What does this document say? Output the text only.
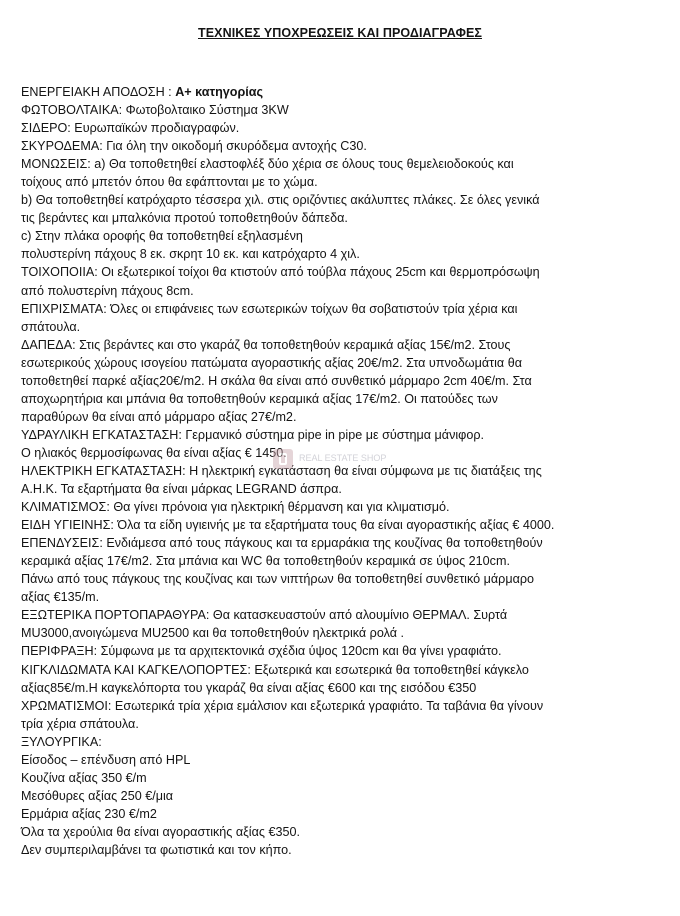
ΤΕΧΝΙΚΕΣ ΥΠΟΧΡΕΩΣΕΙΣ ΚΑΙ ΠΡΟΔΙΑΓΡΑΦΕΣ
ΕΝΕΡΓΕΙΑΚΗ ΑΠΟΔΟΣΗ : A+ κατηγορίας
ΦΩΤΟΒΟΛΤΑΙΚΑ: Φωτοβολταικο Σύστημα 3KW
ΣΙΔΕΡΟ: Ευρωπαϊκών προδιαγραφών.
ΣΚΥΡΟΔΕΜΑ: Για όλη την οικοδομή σκυρόδεμα αντοχής C30.
ΜΟΝΩΣΕΙΣ: a) Θα τοποθετηθεί ελαστοφλέξ δύο χέρια σε όλους τους θεμελειοδοκούς και
τοίχους από μπετόν όπου θα εφάπτονται με το χώμα.
b) Θα τοποθετηθεί κατρόχαρτο τέσσερα χιλ. στις οριζόντιες ακάλυπτες πλάκες. Σε όλες γενικά
τις βεράντες και μπαλκόνια προτού τοποθετηθούν δάπεδα.
c) Στην πλάκα οροφής θα τοποθετηθεί εξηλασμένη
πολυστερίνη πάχους 8 εκ. σκρητ 10 εκ. και κατρόχαρτο 4 χιλ.
ΤΟΙΧΟΠΟΙΙΑ: Οι εξωτερικοί τοίχοι θα κτιστούν από τούβλα πάχους 25cm και θερμοπρόσωψη
από πολυστερίνη πάχους 8cm.
ΕΠΙΧΡΙΣΜΑΤΑ: Όλες οι επιφάνειες των εσωτερικών τοίχων θα σοβατιστούν τρία χέρια και
σπάτουλα.
ΔΑΠΕΔΑ: Στις βεράντες και στο γκαράζ θα τοποθετηθούν κεραμικά αξίας 15€/m2. Στους
εσωτερικούς χώρους ισογείου πατώματα αγοραστικής αξίας 20€/m2. Στα υπνοδωμάτια θα
τοποθετηθεί παρκέ αξίας20€/m2. Η σκάλα θα είναι από συνθετικό μάρμαρο 2cm 40€/m. Στα
αποχωρητήρια και μπάνια θα τοποθετηθούν κεραμικά αξίας 17€/m2. Οι πατούδες των
παραθύρων θα είναι από μάρμαρο αξίας 27€/m2.
ΥΔΡΑΥΛΙΚΗ ΕΓΚΑΤΑΣΤΑΣΗ: Γερμανικό σύστημα pipe in pipe με σύστημα μάνιφορ.
Ο ηλιακός θερμοσίφωνας θα είναι αξίας € 1450.
ΗΛΕΚΤΡΙΚΗ ΕΓΚΑΤΑΣΤΑΣΗ: Η ηλεκτρική εγκατάσταση θα είναι σύμφωνα με τις διατάξεις της
Α.Η.Κ. Τα εξαρτήματα θα είναι μάρκας LEGRAND άσπρα.
ΚΛΙΜΑΤΙΣΜΟΣ: Θα γίνει πρόνοια για ηλεκτρική θέρμανση και για κλιματισμό.
ΕΙΔΗ ΥΓΙΕΙΝΗΣ: Όλα τα είδη υγιεινής με τα εξαρτήματα τους θα είναι αγοραστικής αξίας € 4000.
ΕΠΕΝΔΥΣΕΙΣ: Ενδιάμεσα από τους πάγκους και τα ερμαράκια της κουζίνας θα τοποθετηθούν
κεραμικά αξίας 17€/m2. Στα μπάνια και WC θα τοποθετηθούν κεραμικά σε ύψος 210cm.
Πάνω από τους πάγκους της κουζίνας και των νιπτήρων θα τοποθετηθεί συνθετικό μάρμαρο
αξίας €135/m.
ΕΞΩΤΕΡΙΚΑ ΠΟΡΤΟΠΑΡΑΘΥΡΑ: Θα κατασκευαστούν από αλουμίνιο ΘΕΡΜΑΛ. Συρτά
MU3000,ανοιγώμενα MU2500 και θα τοποθετηθούν ηλεκτρικά ρολά .
ΠΕΡΙΦΡΑΞΗ: Σύμφωνα με τα αρχιτεκτονικά σχέδια ύψος 120cm και θα γίνει γραφιάτο.
ΚΙΓΚΛΙΔΩΜΑΤΑ ΚΑΙ ΚΑΓΚΕΛΟΠΟΡΤΕΣ: Εξωτερικά και εσωτερικά θα τοποθετηθεί κάγκελο
αξίας85€/m.Η καγκελόπορτα του γκαράζ θα είναι αξίας €600 και της εισόδου €350
ΧΡΩΜΑΤΙΣΜΟΙ: Εσωτερικά τρία χέρια εμάλσιον και εξωτερικά γραφιάτο. Τα ταβάνια θα γίνουν
τρία χέρια σπάτουλα.
ΞΥΛΟΥΡΓΙΚΑ:
Είσοδος – επένδυση από HPL
Κουζίνα αξίας 350 €/m
Μεσόθυρες αξίας 250 €/μια
Ερμάρια αξίας 230 €/m2
Όλα τα χερούλια θα είναι αγοραστικής αξίας €350.
Δεν συμπεριλαμβάνει τα φωτιστικά και τον κήπο.
REAL ESTATE SHOP
